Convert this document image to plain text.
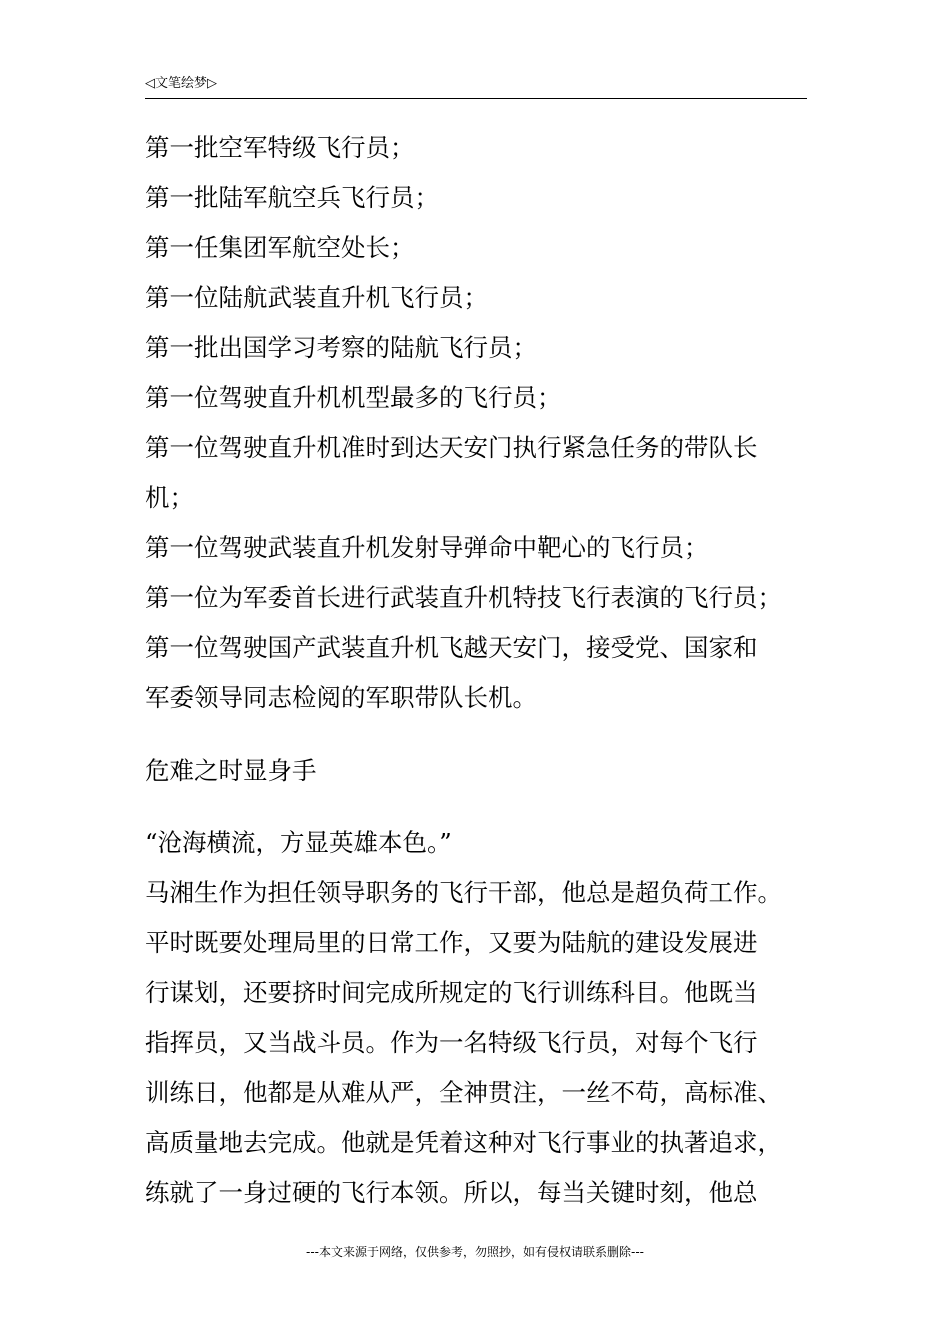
◁文笔绘梦▷
第一批空军特级飞行员；
第一批陆军航空兵飞行员；
第一任集团军航空处长；
第一位陆航武装直升机飞行员；
第一批出国学习考察的陆航飞行员；
第一位驾驶直升机机型最多的飞行员；
第一位驾驶直升机准时到达天安门执行紧急任务的带队长
机；
第一位驾驶武装直升机发射导弹命中靶心的飞行员；
第一位为军委首长进行武装直升机特技飞行表演的飞行员；
第一位驾驶国产武装直升机飞越天安门，接受党、国家和
军委领导同志检阅的军职带队长机。
危难之时显身手
“沧海横流，方显英雄本色。”
马湘生作为担任领导职务的飞行干部，他总是超负荷工作。
平时既要处理局里的日常工作，又要为陆航的建设发展进
行谋划，还要挤时间完成所规定的飞行训练科目。他既当
指挥员，又当战斗员。作为一名特级飞行员，对每个飞行
训练日，他都是从难从严，全神贯注，一丝不苟，高标准、
高质量地去完成。他就是凭着这种对飞行事业的执著追求，
练就了一身过硬的飞行本领。所以，每当关键时刻，他总
---本文来源于网络，仅供参考，勿照抄，如有侵权请联系删除---
